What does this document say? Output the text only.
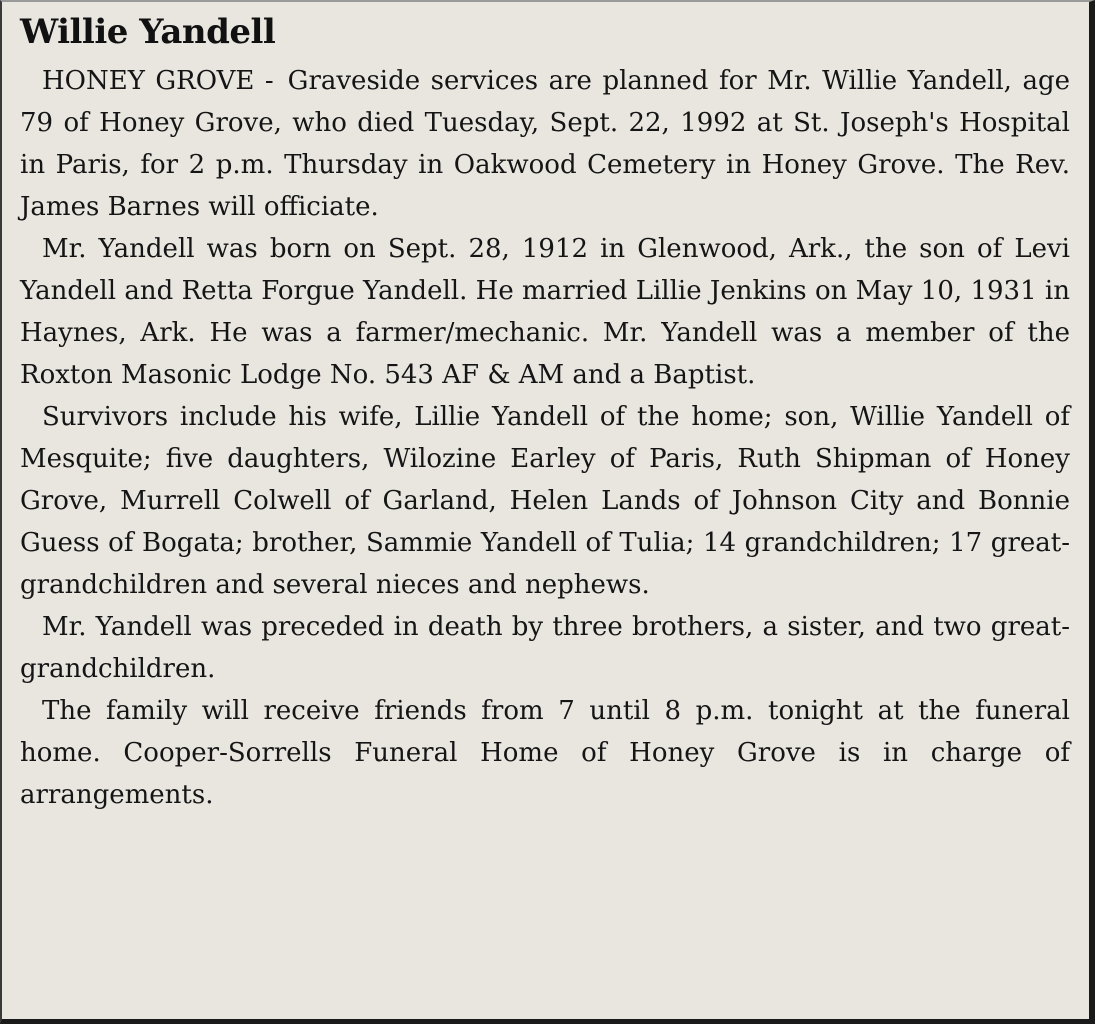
Willie Yandell

HONEY GROVE - Graveside services are planned for Mr. Willie Yandell, age 79 of Honey Grove, who died Tuesday, Sept. 22, 1992 at St. Joseph's Hospital in Paris, for 2 p.m. Thursday in Oakwood Cemetery in Honey Grove. The Rev. James Barnes will officiate.

Mr. Yandell was born on Sept. 28, 1912 in Glenwood, Ark., the son of Levi Yandell and Retta Forgue Yandell. He married Lillie Jenkins on May 10, 1931 in Haynes, Ark. He was a farmer/mechanic. Mr. Yandell was a member of the Roxton Masonic Lodge No. 543 AF & AM and a Baptist.

Survivors include his wife, Lillie Yandell of the home; son, Willie Yandell of Mesquite; five daughters, Wilozine Earley of Paris, Ruth Shipman of Honey Grove, Murrell Colwell of Garland, Helen Lands of Johnson City and Bonnie Guess of Bogata; brother, Sammie Yandell of Tulia; 14 grandchildren; 17 great-grandchildren and several nieces and nephews.

Mr. Yandell was preceded in death by three brothers, a sister, and two great-grandchildren.

The family will receive friends from 7 until 8 p.m. tonight at the funeral home. Cooper-Sorrells Funeral Home of Honey Grove is in charge of arrangements.
